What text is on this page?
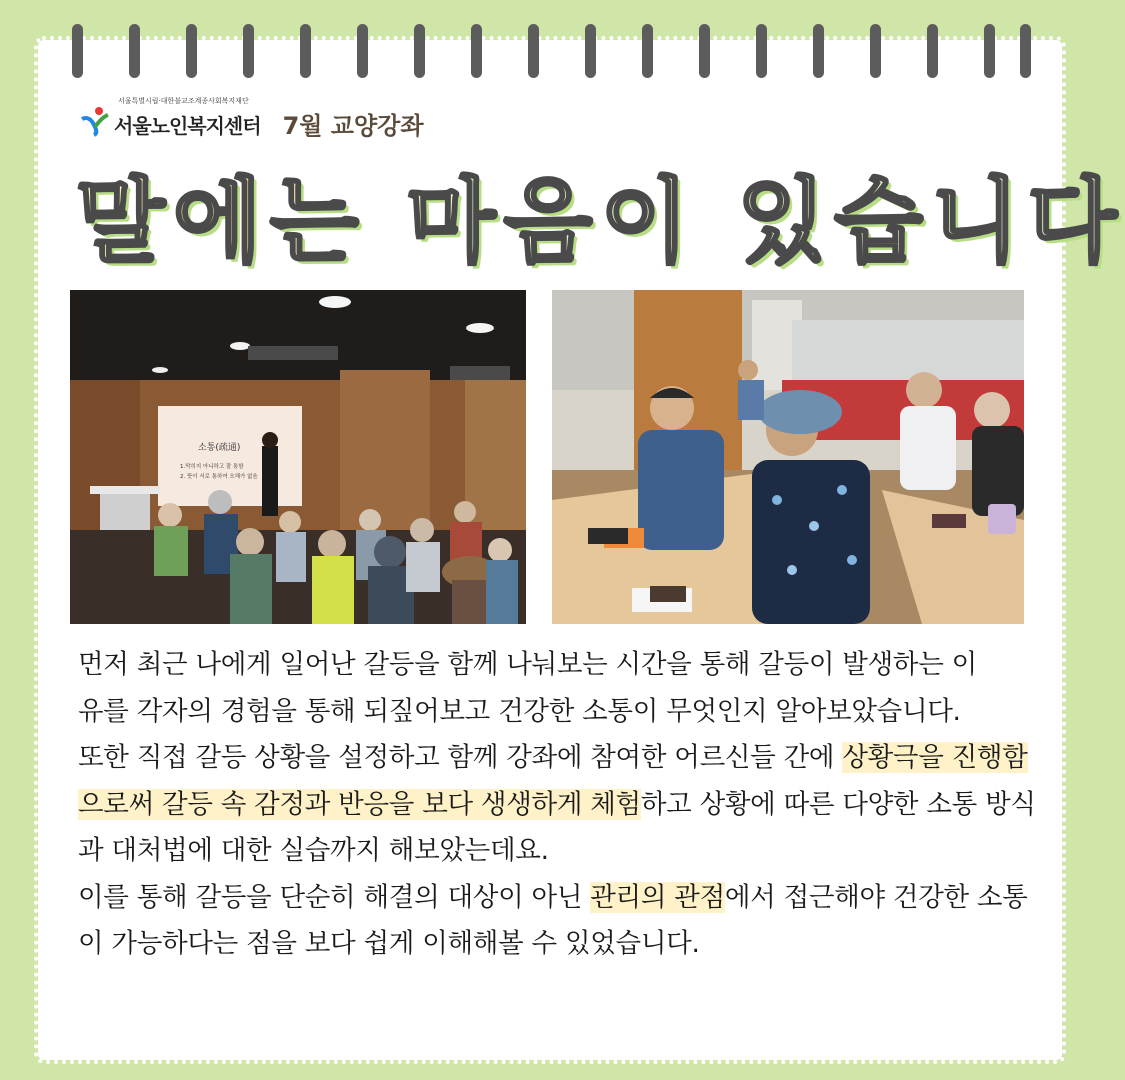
서울특별시립·대한불교조계종사회복지재단
서울노인복지센터 7월 교양강좌
말에는 마음이 있습니다
소통(疏通)
1.막히지 아니하고 잘 통함
2. 뜻이 서로 통하여 오해가 없음
먼저 최근 나에게 일어난 갈등을 함께 나눠보는 시간을 통해 갈등이 발생하는 이유를 각자의 경험을 통해 되짚어보고 건강한 소통이 무엇인지 알아보았습니다.
또한 직접 갈등 상황을 설정하고 함께 강좌에 참여한 어르신들 간에 상황극을 진행함으로써 갈등 속 감정과 반응을 보다 생생하게 체험하고 상황에 따른 다양한 소통 방식과 대처법에 대한 실습까지 해보았는데요.
이를 통해 갈등을 단순히 해결의 대상이 아닌 관리의 관점에서 접근해야 건강한 소통이 가능하다는 점을 보다 쉽게 이해해볼 수 있었습니다.
